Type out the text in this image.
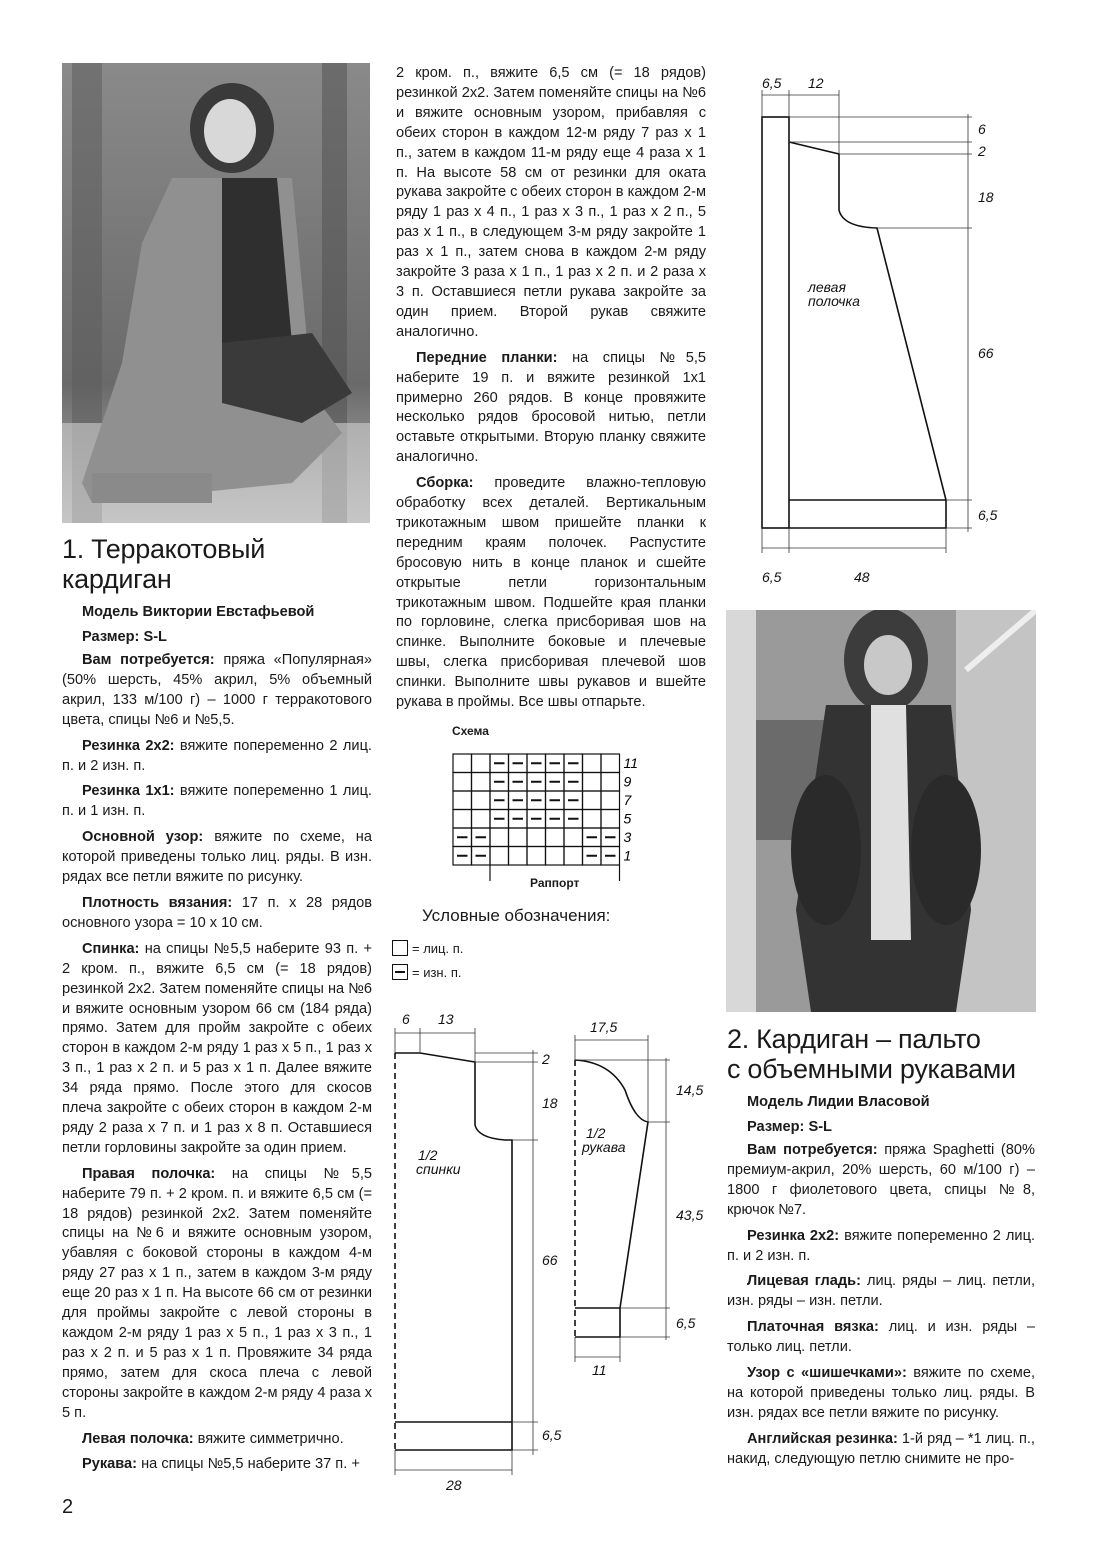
1. Терракотовый
кардиган
Модель Виктории Евстафьевой
Размер: S-L

Вам потребуется: пряжа «Популярная» (50% шерсть, 45% акрил, 5% объемный акрил, 133 м/100 г) – 1000 г терракотового цвета, спицы №6 и №5,5.

Резинка 2x2: вяжите попеременно 2 лиц. п. и 2 изн. п.

Резинка 1x1: вяжите попеременно 1 лиц. п. и 1 изн. п.

Основной узор: вяжите по схеме, на которой приведены только лиц. ряды. В изн. рядах все петли вяжите по рисунку.

Плотность вязания: 17 п. x 28 рядов основного узора = 10 x 10 см.

Спинка: на спицы №5,5 наберите 93 п. + 2 кром. п., вяжите 6,5 см (= 18 рядов) резинкой 2x2. Затем поменяйте спицы на №6 и вяжите основным узором 66 см (184 ряда) прямо. Затем для пройм закройте с обеих сторон в каждом 2-м ряду 1 раз x 5 п., 1 раз x 3 п., 1 раз x 2 п. и 5 раз x 1 п. Далее вяжите 34 ряда прямо. После этого для скосов плеча закройте с обеих сторон в каждом 2-м ряду 2 раза x 7 п. и 1 раз x 8 п. Оставшиеся петли горловины закройте за один прием.

Правая полочка: на спицы №5,5 наберите 79 п. + 2 кром. п. и вяжите 6,5 см (= 18 рядов) резинкой 2x2. Затем поменяйте спицы на №6 и вяжите основным узором, убавляя с боковой стороны в каждом 4-м ряду 27 раз x 1 п., затем в каждом 3-м ряду еще 20 раз x 1 п. На высоте 66 см от резинки для проймы закройте с левой стороны в каждом 2-м ряду 1 раз x 5 п., 1 раз x 3 п., 1 раз x 2 п. и 5 раз x 1 п. Провяжите 34 ряда прямо, затем для скоса плеча с левой стороны закройте в каждом 2-м ряду 4 раза x 5 п.

Левая полочка: вяжите симметрично.

Рукава: на спицы №5,5 наберите 37 п. +

2 кром. п., вяжите 6,5 см (= 18 рядов) резинкой 2x2. Затем поменяйте спицы на №6 и вяжите основным узором, прибавляя с обеих сторон в каждом 12-м ряду 7 раз x 1 п., затем в каждом 11-м ряду еще 4 раза x 1 п. На высоте 58 см от резинки для оката рукава закройте с обеих сторон в каждом 2-м ряду 1 раз x 4 п., 1 раз x 3 п., 1 раз x 2 п., 5 раз x 1 п., в следующем 3-м ряду закройте 1 раз x 1 п., затем снова в каждом 2-м ряду закройте 3 раза x 1 п., 1 раз x 2 п. и 2 раза x 3 п. Оставшиеся петли рукава закройте за один прием. Второй рукав свяжите аналогично.

Передние планки: на спицы №5,5 наберите 19 п. и вяжите резинкой 1x1 примерно 260 рядов. В конце провяжите несколько рядов бросовой нитью, петли оставьте открытыми. Вторую планку свяжите аналогично.

Сборка: проведите влажно-тепловую обработку всех деталей. Вертикальным трикотажным швом пришейте планки к передним краям полочек. Распустите бросовую нить в конце планок и сшейте открытые петли горизонтальным трикотажным швом. Подшейте края планки по горловине, слегка присборивая шов на спинке. Выполните боковые и плечевые швы, слегка присборивая плечевой шов спинки. Выполните швы рукавов и вшейте рукава в проймы. Все швы отпарьте.

Схема
11
9
7
5
3
1
Раппорт
Условные обозначения:
= лиц. п.
= изн. п.
6 13
2
18
66
6,5
28
1/2
спинки
17,5
14,5
43,5
6,5
11
1/2
рукава
6,5 12
6
2
18
66
6,5
6,5	48
левая
полочка
2. Кардиган – пальто
с объемными рукавами
Модель Лидии Власовой
Размер: S-L

Вам потребуется: пряжа Spaghetti (80% премиум-акрил, 20% шерсть, 60 м/100 г) – 1800 г фиолетового цвета, спицы №8, крючок №7.

Резинка 2x2: вяжите попеременно 2 лиц. п. и 2 изн. п.

Лицевая гладь: лиц. ряды – лиц. петли, изн. ряды – изн. петли.

Платочная вязка: лиц. и изн. ряды – только лиц. петли.

Узор с «шишечками»: вяжите по схеме, на которой приведены только лиц. ряды. В изн. рядах все петли вяжите по рисунку.

Английская резинка: 1-й ряд – *1 лиц. п., накид, следующую петлю снимите не про-

2
